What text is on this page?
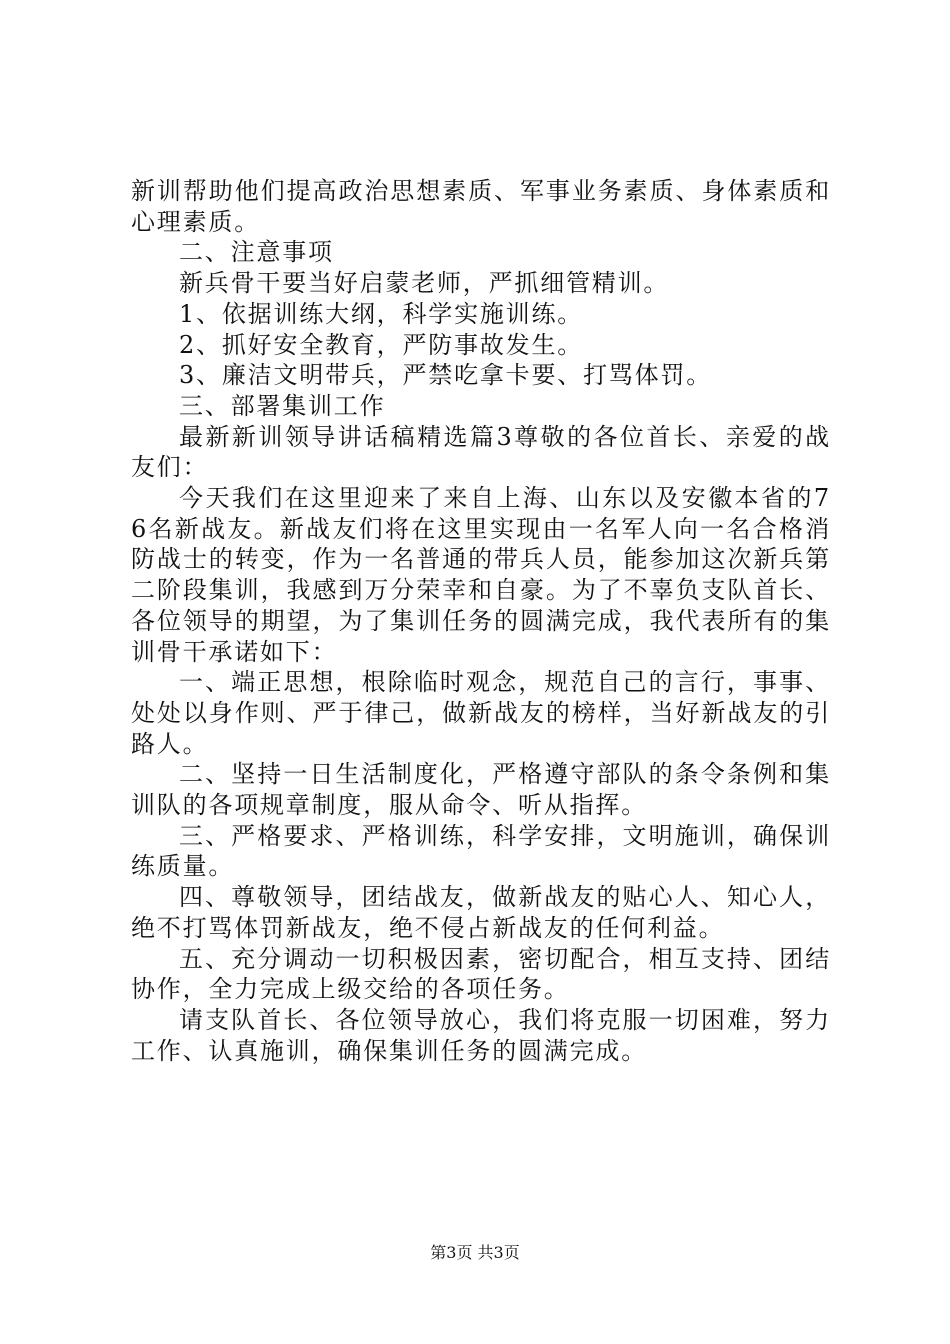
新训帮助他们提高政治思想素质、军事业务素质、身体素质和心理素质。

二、注意事项

新兵骨干要当好启蒙老师，严抓细管精训。

1、依据训练大纲，科学实施训练。

2、抓好安全教育，严防事故发生。

3、廉洁文明带兵，严禁吃拿卡要、打骂体罚。

三、部署集训工作

最新新训领导讲话稿精选篇3尊敬的各位首长、亲爱的战友们：

今天我们在这里迎来了来自上海、山东以及安徽本省的76名新战友。新战友们将在这里实现由一名军人向一名合格消防战士的转变，作为一名普通的带兵人员，能参加这次新兵第二阶段集训，我感到万分荣幸和自豪。为了不辜负支队首长、各位领导的期望，为了集训任务的圆满完成，我代表所有的集训骨干承诺如下：

一、端正思想，根除临时观念，规范自己的言行，事事、处处以身作则、严于律己，做新战友的榜样，当好新战友的引路人。

二、坚持一日生活制度化，严格遵守部队的条令条例和集训队的各项规章制度，服从命令、听从指挥。

三、严格要求、严格训练，科学安排，文明施训，确保训练质量。

四、尊敬领导，团结战友，做新战友的贴心人、知心人，绝不打骂体罚新战友，绝不侵占新战友的任何利益。

五、充分调动一切积极因素，密切配合，相互支持、团结协作，全力完成上级交给的各项任务。

请支队首长、各位领导放心，我们将克服一切困难，努力工作、认真施训，确保集训任务的圆满完成。

第3页 共3页
